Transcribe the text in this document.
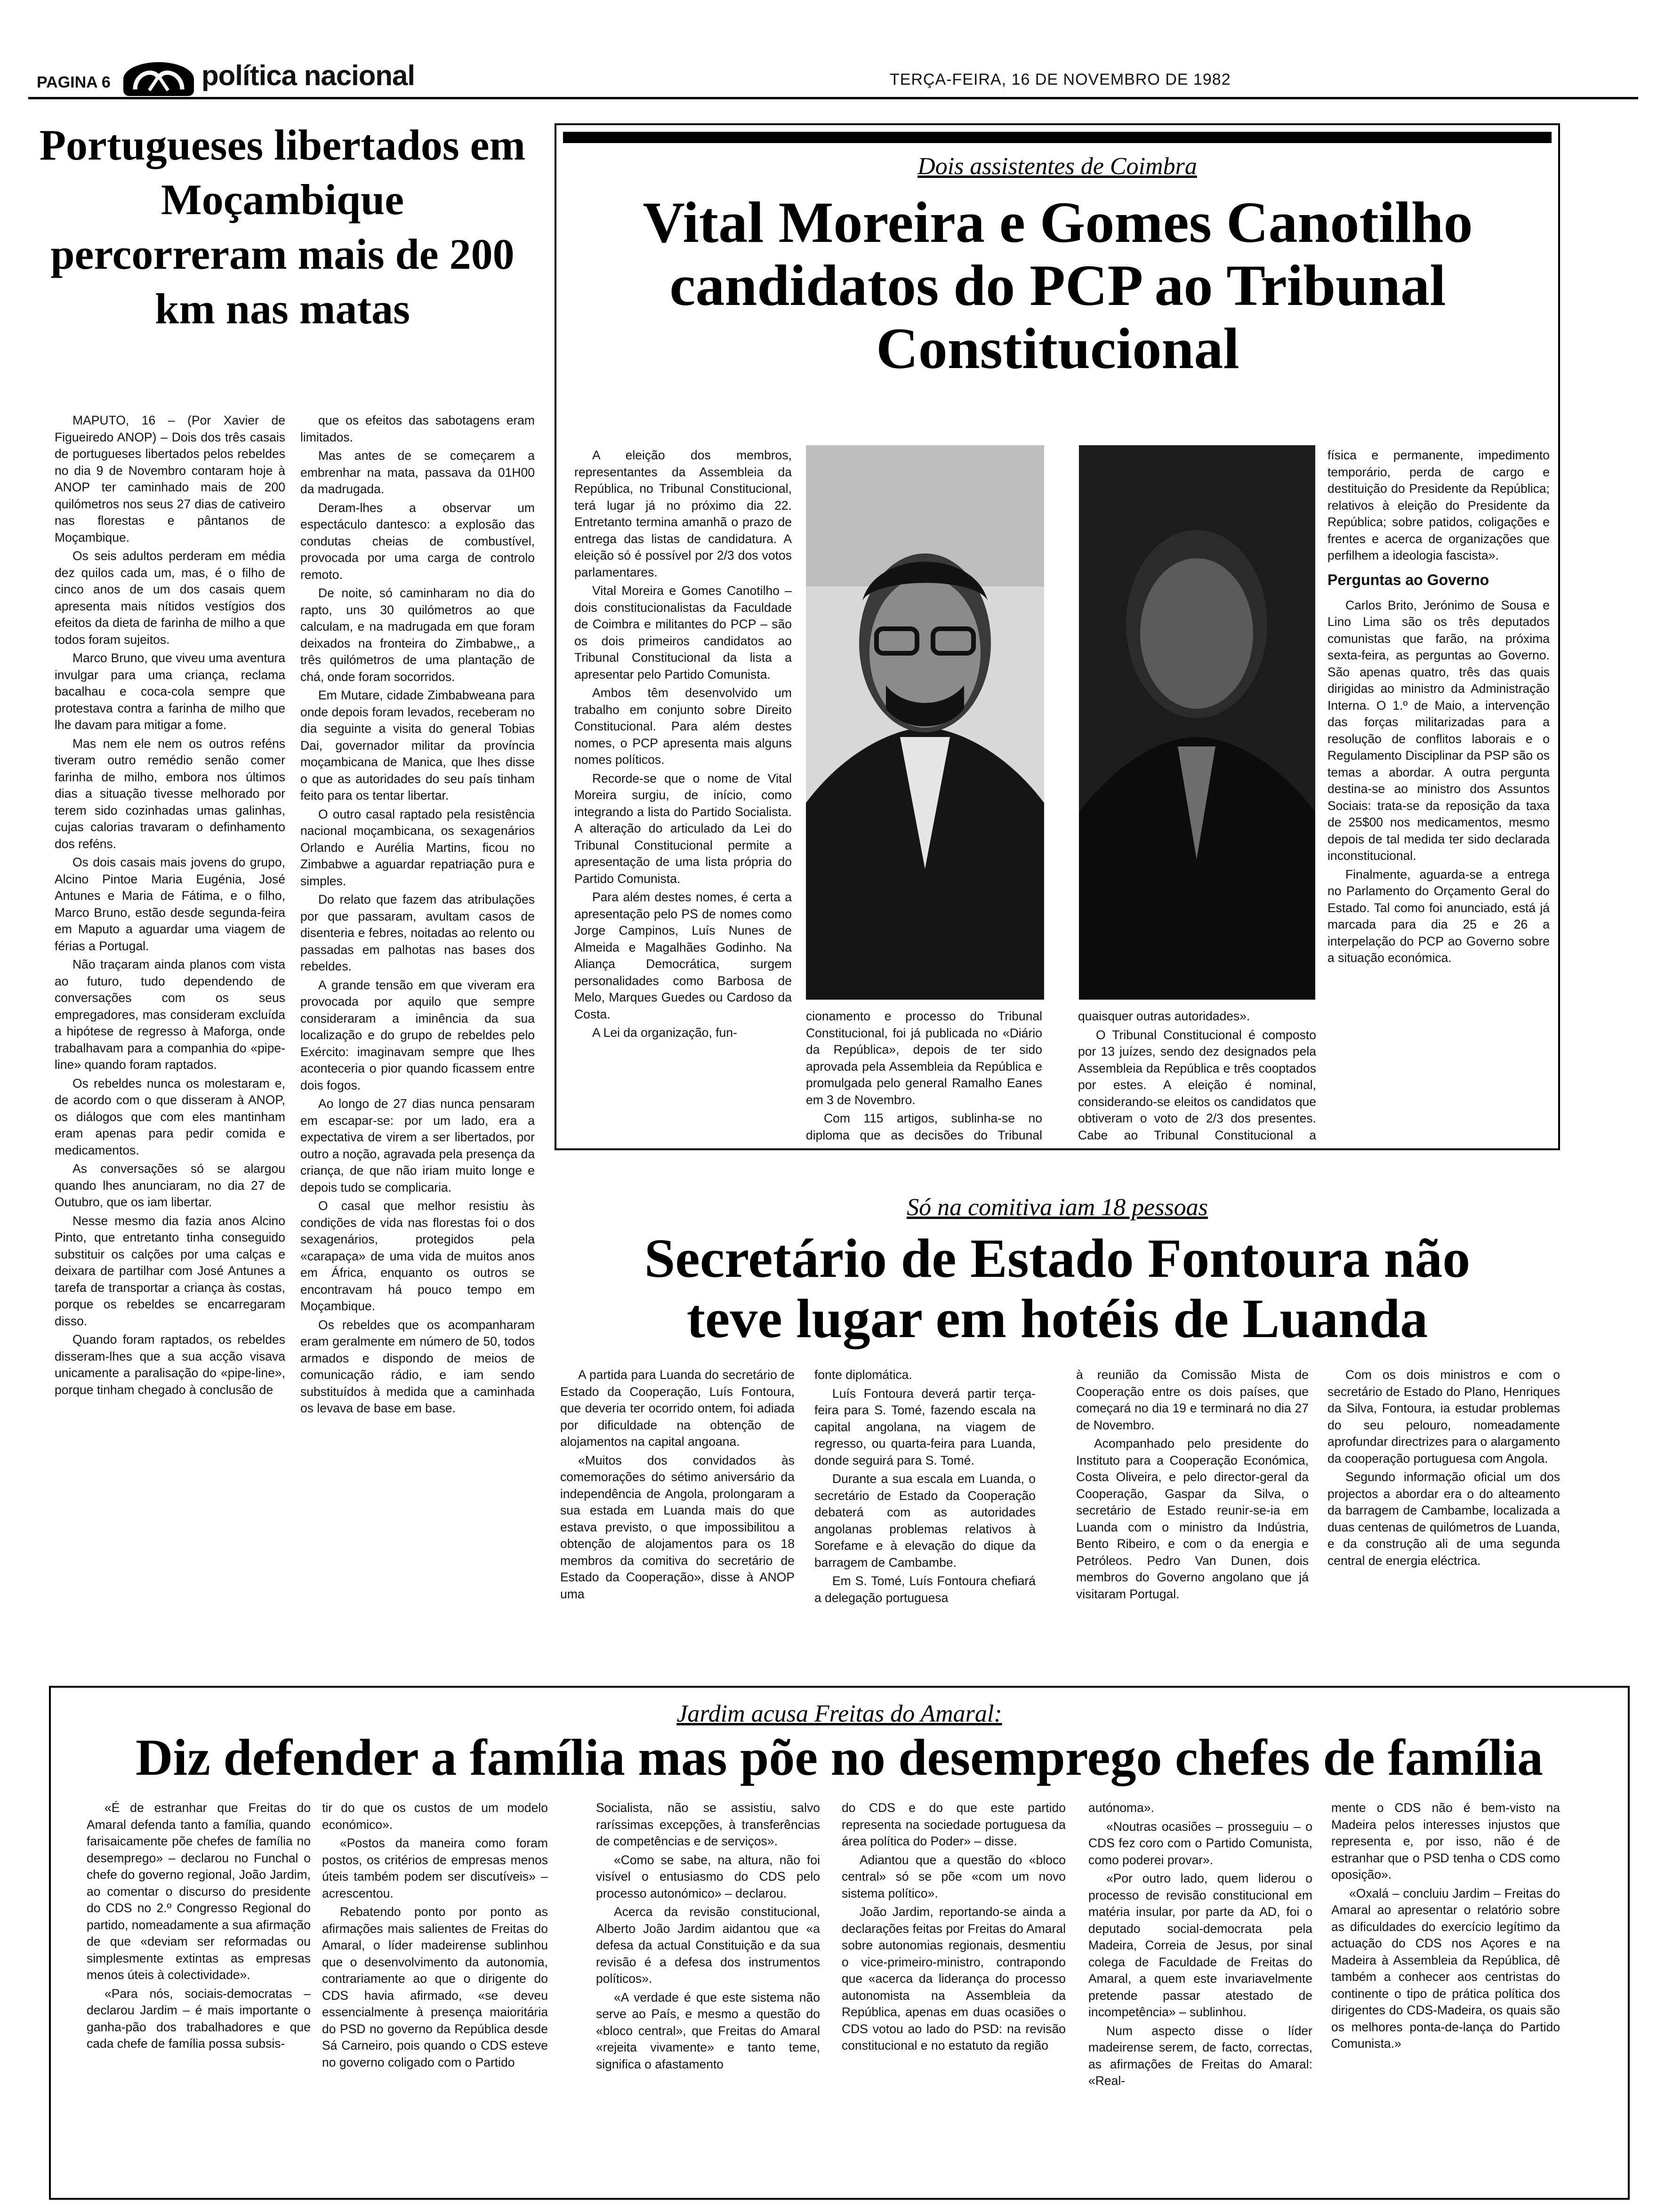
PAGINA 6	política nacional	TERÇA-FEIRA, 16 DE NOVEMBRO DE 1982
Portugueses libertados em Moçambique percorreram mais de 200 km nas matas

MAPUTO, 16 – (Por Xavier de Figueiredo ANOP) – Dois dos três casais de portugueses libertados pelos rebeldes no dia 9 de Novembro contaram hoje à ANOP ter caminhado mais de 200 quilómetros nos seus 27 dias de cativeiro nas florestas e pântanos de Moçambique.

Os seis adultos perderam em média dez quilos cada um, mas, é o filho de cinco anos de um dos casais quem apresenta mais nítidos vestígios dos efeitos da dieta de farinha de milho a que todos foram sujeitos.

Marco Bruno, que viveu uma aventura invulgar para uma criança, reclama bacalhau e coca-cola sempre que protestava contra a farinha de milho que lhe davam para mitigar a fome.

Mas nem ele nem os outros reféns tiveram outro remédio senão comer farinha de milho, embora nos últimos dias a situação tivesse melhorado por terem sido cozinhadas umas galinhas, cujas calorias travaram o definhamento dos reféns.

Os dois casais mais jovens do grupo, Alcino Pintoe Maria Eugénia, José Antunes e Maria de Fátima, e o filho, Marco Bruno, estão desde segunda-feira em Maputo a aguardar uma viagem de férias a Portugal.

Não traçaram ainda planos com vista ao futuro, tudo dependendo de conversações com os seus empregadores, mas consideram excluída a hipótese de regresso à Maforga, onde trabalhavam para a companhia do «pipe-line» quando foram raptados.

Os rebeldes nunca os molestaram e, de acordo com o que disseram à ANOP, os diálogos que com eles mantinham eram apenas para pedir comida e medicamentos.

As conversações só se alargou quando lhes anunciaram, no dia 27 de Outubro, que os iam libertar.

Nesse mesmo dia fazia anos Alcino Pinto, que entretanto tinha conseguido substituir os calções por uma calças e deixara de partilhar com José Antunes a tarefa de transportar a criança às costas, porque os rebeldes se encarregaram disso.

Quando foram raptados, os rebeldes disseram-lhes que a sua acção visava unicamente a paralisação do «pipe-line», porque tinham chegado à conclusão de

que os efeitos das sabotagens eram limitados.

Mas antes de se começarem a embrenhar na mata, passava da 01H00 da madrugada.

Deram-lhes a observar um espectáculo dantesco: a explosão das condutas cheias de combustível, provocada por uma carga de controlo remoto.

De noite, só caminharam no dia do rapto, uns 30 quilómetros ao que calculam, e na madrugada em que foram deixados na fronteira do Zimbabwe,, a três quilómetros de uma plantação de chá, onde foram socorridos.

Em Mutare, cidade Zimbabweana para onde depois foram levados, receberam no dia seguinte a visita do general Tobias Dai, governador militar da província moçambicana de Manica, que lhes disse o que as autoridades do seu país tinham feito para os tentar libertar.

O outro casal raptado pela resistência nacional moçambicana, os sexagenários Orlando e Aurélia Martins, ficou no Zimbabwe a aguardar repatriação pura e simples.

Do relato que fazem das atribulações por que passaram, avultam casos de disenteria e febres, noitadas ao relento ou passadas em palhotas nas bases dos rebeldes.

A grande tensão em que viveram era provocada por aquilo que sempre consideraram a iminência da sua localização e do grupo de rebeldes pelo Exército: imaginavam sempre que lhes aconteceria o pior quando ficassem entre dois fogos.

Ao longo de 27 dias nunca pensaram em escapar-se: por um lado, era a expectativa de virem a ser libertados, por outro a noção, agravada pela presença da criança, de que não iriam muito longe e depois tudo se complicaria.

O casal que melhor resistiu às condições de vida nas florestas foi o dos sexagenários, protegidos pela «carapaça» de uma vida de muitos anos em África, enquanto os outros se encontravam há pouco tempo em Moçambique.

Os rebeldes que os acompanharam eram geralmente em número de 50, todos armados e dispondo de meios de comunicação rádio, e iam sendo substituídos à medida que a caminhada os levava de base em base.

Dois assistentes de Coimbra
Vital Moreira e Gomes Canotilho candidatos do PCP ao Tribunal Constitucional

A eleição dos membros, representantes da Assembleia da República, no Tribunal Constitucional, terá lugar já no próximo dia 22. Entretanto termina amanhã o prazo de entrega das listas de candidatura. A eleição só é possível por 2/3 dos votos parlamentares.

Vital Moreira e Gomes Canotilho – dois constitucionalistas da Faculdade de Coimbra e militantes do PCP – são os dois primeiros candidatos ao Tribunal Constitucional da lista a apresentar pelo Partido Comunista.

Ambos têm desenvolvido um trabalho em conjunto sobre Direito Constitucional. Para além destes nomes, o PCP apresenta mais alguns nomes políticos.

Recorde-se que o nome de Vital Moreira surgiu, de início, como integrando a lista do Partido Socialista. A alteração do articulado da Lei do Tribunal Constitucional permite a apresentação de uma lista própria do Partido Comunista.

Para além destes nomes, é certa a apresentação pelo PS de nomes como Jorge Campinos, Luís Nunes de Almeida e Magalhães Godinho. Na Aliança Democrática, surgem personalidades como Barbosa de Melo, Marques Guedes ou Cardoso da Costa.

A Lei da organização, fun-

cionamento e processo do Tribunal Constitucional, foi já publicada no «Diário da República», depois de ter sido aprovada pela Assembleia da República e promulgada pelo general Ramalho Eanes em 3 de Novembro.

Com 115 artigos, sublinha-se no diploma que as decisões do Tribunal

quaisquer outras autoridades».

O Tribunal Constitucional é composto por 13 juízes, sendo dez designados pela Assembleia da República e três cooptados por estes. A eleição é nominal, considerando-se eleitos os candidatos que obtiveram o voto de 2/3 dos presentes. Cabe ao Tribunal Constitucional a

física e permanente, impedimento temporário, perda de cargo e destituição do Presidente da República; relativos à eleição do Presidente da República; sobre patidos, coligações e frentes e acerca de organizações que perfilhem a ideologia fascista».

Perguntas ao Governo

Carlos Brito, Jerónimo de Sousa e Lino Lima são os três deputados comunistas que farão, na próxima sexta-feira, as perguntas ao Governo. São apenas quatro, três das quais dirigidas ao ministro da Administração Interna. O 1.º de Maio, a intervenção das forças militarizadas para a resolução de conflitos laborais e o Regulamento Disciplinar da PSP são os temas a abordar. A outra pergunta destina-se ao ministro dos Assuntos Sociais: trata-se da reposição da taxa de 25$00 nos medicamentos, mesmo depois de tal medida ter sido declarada inconstitucional.

Finalmente, aguarda-se a entrega no Parlamento do Orçamento Geral do Estado. Tal como foi anunciado, está já marcada para dia 25 e 26 a interpelação do PCP ao Governo sobre a situação económica.

Só na comitiva iam 18 pessoas
Secretário de Estado Fontoura não teve lugar em hotéis de Luanda

A partida para Luanda do secretário de Estado da Cooperação, Luís Fontoura, que deveria ter ocorrido ontem, foi adiada por dificuldade na obtenção de alojamentos na capital angoana.

«Muitos dos convidados às comemorações do sétimo aniversário da independência de Angola, prolongaram a sua estada em Luanda mais do que estava previsto, o que impossibilitou a obtenção de alojamentos para os 18 membros da comitiva do secretário de Estado da Cooperação», disse à ANOP uma

fonte diplomática.

Luís Fontoura deverá partir terça-feira para S. Tomé, fazendo escala na capital angolana, na viagem de regresso, ou quarta-feira para Luanda, donde seguirá para S. Tomé.

Durante a sua escala em Luanda, o secretário de Estado da Cooperação debaterá com as autoridades angolanas problemas relativos à Sorefame e à elevação do dique da barragem de Cambambe.

Em S. Tomé, Luís Fontoura chefiará a delegação portuguesa

à reunião da Comissão Mista de Cooperação entre os dois países, que começará no dia 19 e terminará no dia 27 de Novembro.

Acompanhado pelo presidente do Instituto para a Cooperação Económica, Costa Oliveira, e pelo director-geral da Cooperação, Gaspar da Silva, o secretário de Estado reunir-se-ia em Luanda com o ministro da Indústria, Bento Ribeiro, e com o da energia e Petróleos. Pedro Van Dunen, dois membros do Governo angolano que já visitaram Portugal.

Com os dois ministros e com o secretário de Estado do Plano, Henriques da Silva, Fontoura, ia estudar problemas do seu pelouro, nomeadamente aprofundar directrizes para o alargamento da cooperação portuguesa com Angola.

Segundo informação oficial um dos projectos a abordar era o do alteamento da barragem de Cambambe, localizada a duas centenas de quilómetros de Luanda, e da construção ali de uma segunda central de energia eléctrica.

Jardim acusa Freitas do Amaral:
Diz defender a família mas põe no desemprego chefes de família

«É de estranhar que Freitas do Amaral defenda tanto a família, quando farisaicamente põe chefes de família no desemprego» – declarou no Funchal o chefe do governo regional, João Jardim, ao comentar o discurso do presidente do CDS no 2.º Congresso Regional do partido, nomeadamente a sua afirmação de que «deviam ser reformadas ou simplesmente extintas as empresas menos úteis à colectividade».

«Para nós, sociais-democratas – declarou Jardim – é mais importante o ganha-pão dos trabalhadores e que cada chefe de família possa subsis-

tir do que os custos de um modelo económico».

«Postos da maneira como foram postos, os critérios de empresas menos úteis também podem ser discutíveis» – acrescentou.

Rebatendo ponto por ponto as afirmações mais salientes de Freitas do Amaral, o líder madeirense sublinhou que o desenvolvimento da autonomia, contrariamente ao que o dirigente do CDS havia afirmado, «se deveu essencialmente à presença maioritária do PSD no governo da República desde Sá Carneiro, pois quando o CDS esteve no governo coligado com o Partido

Socialista, não se assistiu, salvo raríssimas excepções, à transferências de competências e de serviços».

«Como se sabe, na altura, não foi visível o entusiasmo do CDS pelo processo autonómico» – declarou.

Acerca da revisão constitucional, Alberto João Jardim aidantou que «a defesa da actual Constituição e da sua revisão é a defesa dos instrumentos políticos».

«A verdade é que este sistema não serve ao País, e mesmo a questão do «bloco central», que Freitas do Amaral «rejeita vivamente» e tanto teme, significa o afastamento

do CDS e do que este partido representa na sociedade portuguesa da área política do Poder» – disse.

Adiantou que a questão do «bloco central» só se põe «com um novo sistema político».

João Jardim, reportando-se ainda a declarações feitas por Freitas do Amaral sobre autonomias regionais, desmentiu o vice-primeiro-ministro, contrapondo que «acerca da liderança do processo autonomista na Assembleia da República, apenas em duas ocasiões o CDS votou ao lado do PSD: na revisão constitucional e no estatuto da região

autónoma».

«Noutras ocasiões – prosseguiu – o CDS fez coro com o Partido Comunista, como poderei provar».

«Por outro lado, quem liderou o processo de revisão constitucional em matéria insular, por parte da AD, foi o deputado social-democrata pela Madeira, Correia de Jesus, por sinal colega de Faculdade de Freitas do Amaral, a quem este invariavelmente pretende passar atestado de incompetência» – sublinhou.

Num aspecto disse o líder madeirense serem, de facto, correctas, as afirmações de Freitas do Amaral: «Real-

mente o CDS não é bem-visto na Madeira pelos interesses injustos que representa e, por isso, não é de estranhar que o PSD tenha o CDS como oposição».

«Oxalá – concluiu Jardim – Freitas do Amaral ao apresentar o relatório sobre as dificuldades do exercício legítimo da actuação do CDS nos Açores e na Madeira à Assembleia da República, dê também a conhecer aos centristas do continente o tipo de prática política dos dirigentes do CDS-Madeira, os quais são os melhores ponta-de-lança do Partido Comunista.»
